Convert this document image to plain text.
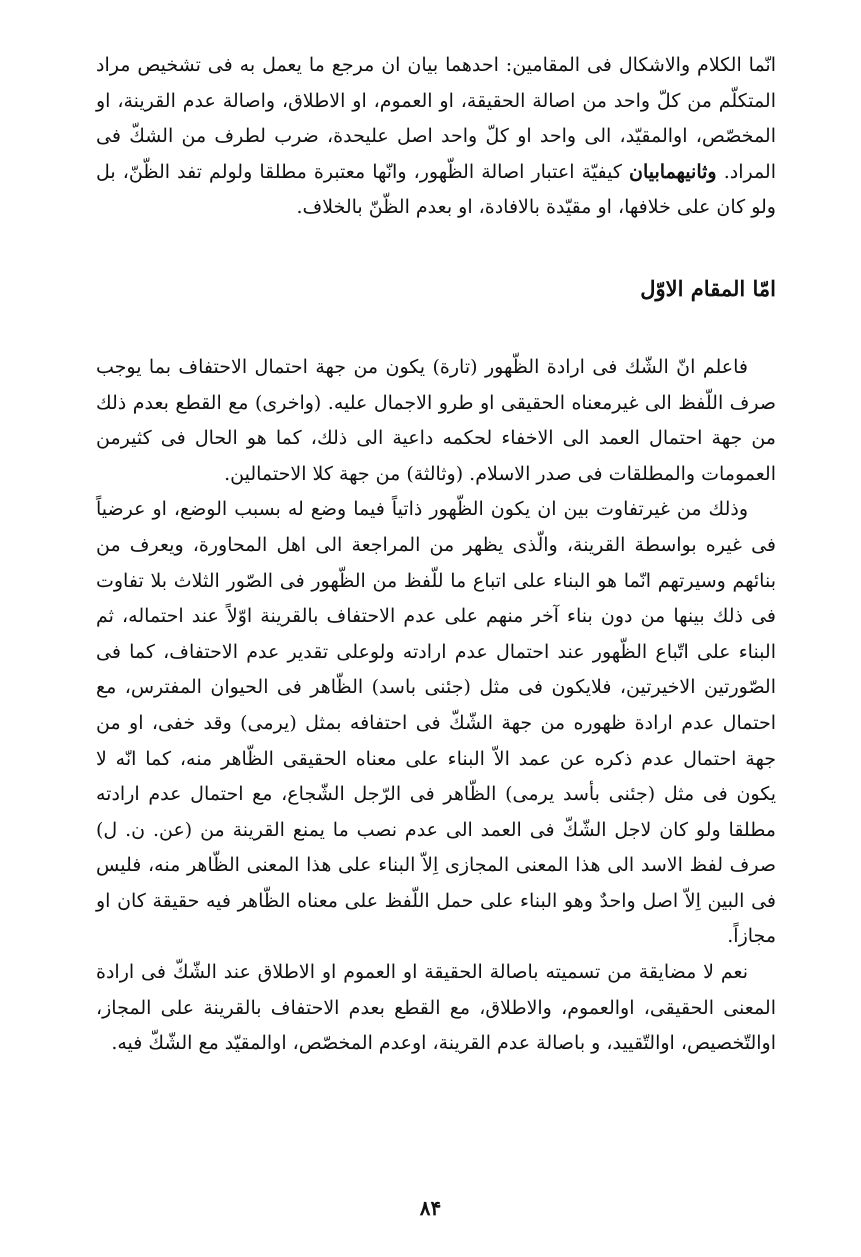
انّما الكلام والاشكال فى المقامين: احدهما بيان ان مرجع ما يعمل به فى تشخيص مراد المتكلّم من كلّ واحد من اصالة الحقيقة، او العموم، او الاطلاق، واصالة عدم القرينة، او المخصّص، اوالمقيّد، الى واحد او كلّ واحد اصل عليحدة، ضرب لطرف من الشكّ فى المراد. وثانيهمابيان كيفيّة اعتبار اصالة الظّهور، وانّها معتبرة مطلقا ولولم تفد الظّنّ، بل ولو كان على خلافها، او مقيّدة بالافادة، او بعدم الظّنّ بالخلاف.

امّا المقام الاوّل

فاعلم انّ الشّك فى ارادة الظّهور (تارة) يكون من جهة احتمال الاحتفاف بما يوجب صرف اللّفظ الى غيرمعناه الحقيقى او طرو الاجمال عليه. (واخرى) مع القطع بعدم ذلك من جهة احتمال العمد الى الاخفاء لحكمه داعية الى ذلك، كما هو الحال فى كثيرمن العمومات والمطلقات فى صدر الاسلام. (وثالثة) من جهة كلا الاحتمالين.

وذلك من غيرتفاوت بين ان يكون الظّهور ذاتياً فيما وضع له بسبب الوضع، او عرضياً فى غيره بواسطة القرينة، والّذى يظهر من المراجعة الى اهل المحاورة، ويعرف من بنائهم وسيرتهم انّما هو البناء على اتباع ما للّفظ من الظّهور فى الصّور الثلاث بلا تفاوت فى ذلك بينها من دون بناء آخر منهم على عدم الاحتفاف بالقرينة اوّلاً عند احتماله، ثم البناء على اتّباع الظّهور عند احتمال عدم ارادته ولوعلى تقدير عدم الاحتفاف، كما فى الصّورتين الاخيرتين، فلايكون فى مثل (جئنى باسد) الظّاهر فى الحيوان المفترس، مع احتمال عدم ارادة ظهوره من جهة الشّكّ فى احتفافه بمثل (يرمى) وقد خفى، او من جهة احتمال عدم ذكره عن عمد الاّ البناء على معناه الحقيقى الظّاهر منه، كما انّه لا يكون فى مثل (جئنى بأسد يرمى) الظّاهر فى الرّجل الشّجاع، مع احتمال عدم ارادته مطلقا ولو كان لاجل الشّكّ فى العمد الى عدم نصب ما يمنع القرينة من (عن. ن. ل) صرف لفظ الاسد الى هذا المعنى المجازى اِلاّ البناء على هذا المعنى الظّاهر منه، فليس فى البين اِلاّ اصل واحدٌ وهو البناء على حمل اللّفظ على معناه الظّاهر فيه حقيقة كان او مجازاً.

نعم لا مضايقة من تسميته باصالة الحقيقة او العموم او الاطلاق عند الشّكّ فى ارادة المعنى الحقيقى، اوالعموم، والاطلاق، مع القطع بعدم الاحتفاف بالقرينة على المجاز، اوالتّخصيص، اوالتّقييد، و باصالة عدم القرينة، اوعدم المخصّص، اوالمقيّد مع الشّكّ فيه.

٨۴
